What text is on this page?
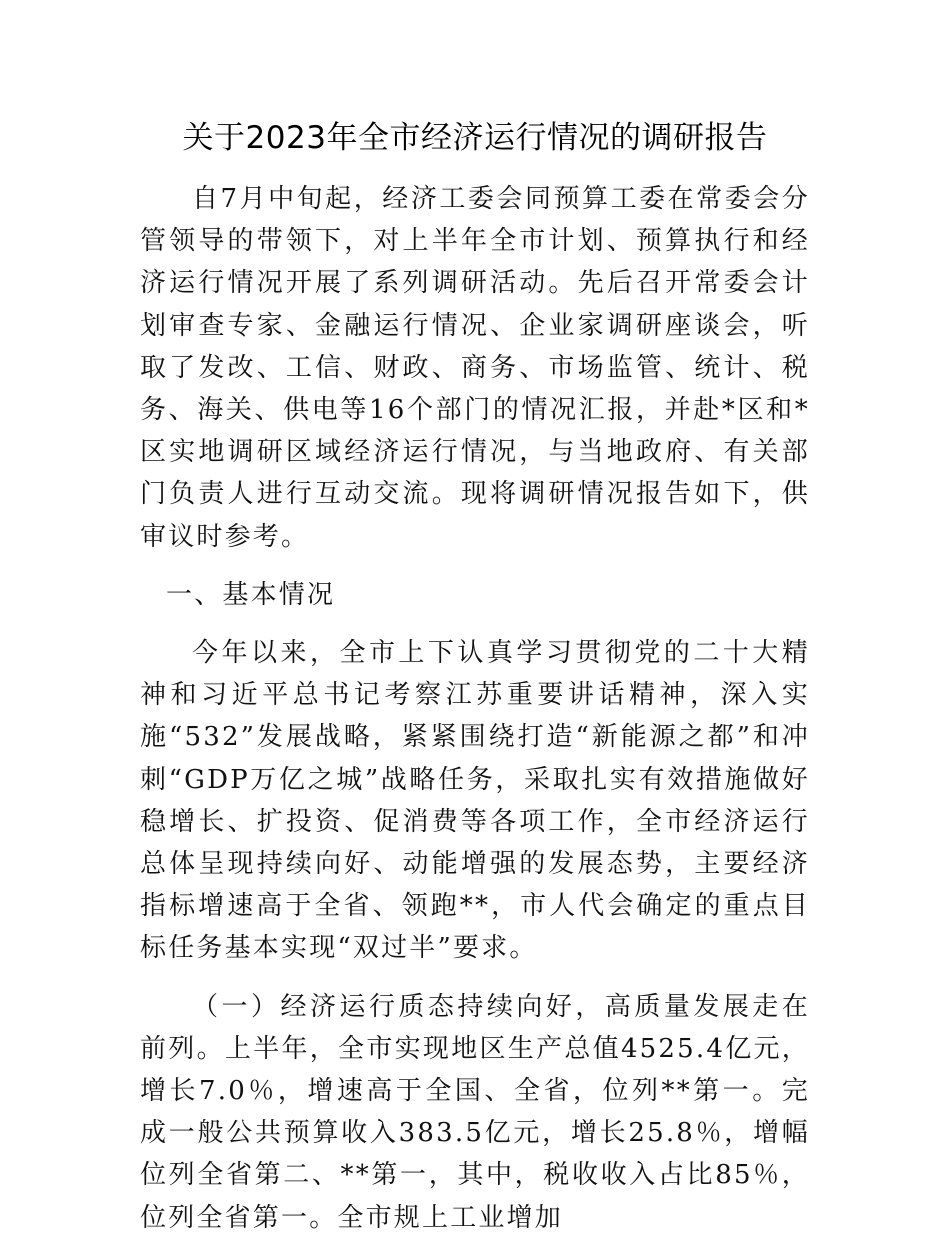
关于2023年全市经济运行情况的调研报告

自7月中旬起，经济工委会同预算工委在常委会分管领导的带领下，对上半年全市计划、预算执行和经济运行情况开展了系列调研活动。先后召开常委会计划审查专家、金融运行情况、企业家调研座谈会，听取了发改、工信、财政、商务、市场监管、统计、税务、海关、供电等16个部门的情况汇报，并赴*区和*区实地调研区域经济运行情况，与当地政府、有关部门负责人进行互动交流。现将调研情况报告如下，供审议时参考。

一、基本情况

今年以来，全市上下认真学习贯彻党的二十大精神和习近平总书记考察江苏重要讲话精神，深入实施“532”发展战略，紧紧围绕打造“新能源之都”和冲刺“GDP万亿之城”战略任务，采取扎实有效措施做好稳增长、扩投资、促消费等各项工作，全市经济运行总体呈现持续向好、动能增强的发展态势，主要经济指标增速高于全省、领跑**，市人代会确定的重点目标任务基本实现“双过半”要求。

（一）经济运行质态持续向好，高质量发展走在前列。上半年，全市实现地区生产总值4525.4亿元，增长7.0％，增速高于全国、全省，位列**第一。完成一般公共预算收入383.5亿元，增长25.8％，增幅位列全省第二、**第一，其中，税收收入占比85％，位列全省第一。全市规上工业增加
